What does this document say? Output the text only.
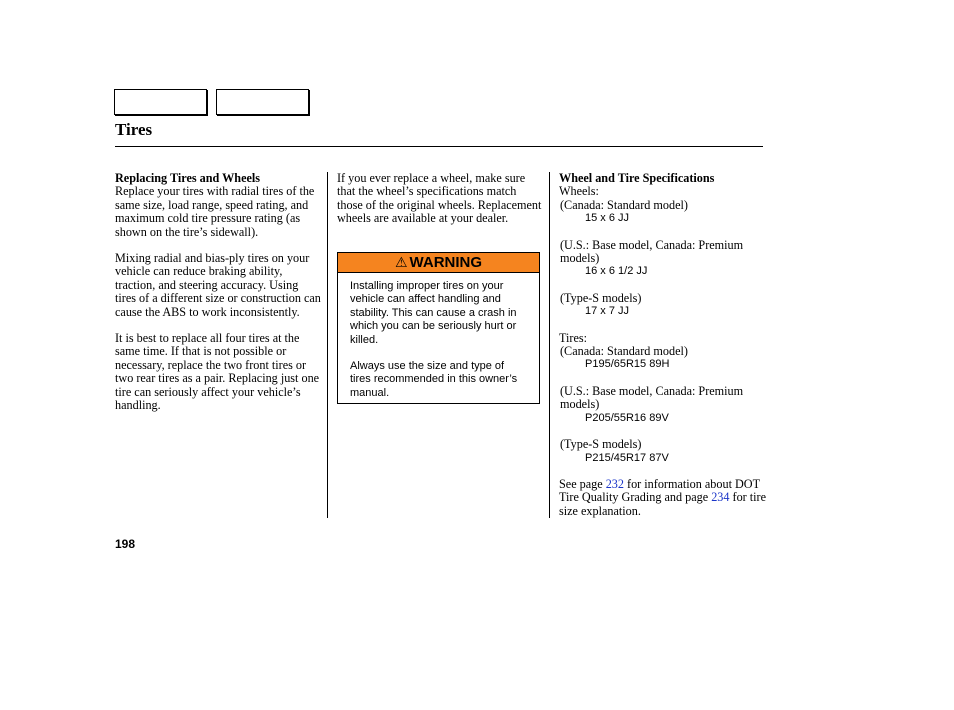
Tires
Replacing Tires and Wheels

Replace your tires with radial tires of the same size, load range, speed rating, and maximum cold tire pressure rating (as shown on the tire’s sidewall).

Mixing radial and bias-ply tires on your vehicle can reduce braking ability, traction, and steering accuracy. Using tires of a different size or construction can cause the ABS to work inconsistently.

It is best to replace all four tires at the same time. If that is not possible or necessary, replace the two front tires or two rear tires as a pair. Replacing just one tire can seriously affect your vehicle’s handling.

If you ever replace a wheel, make sure that the wheel’s specifications match those of the original wheels. Replacement wheels are available at your dealer.

⚠ WARNING

Installing improper tires on your vehicle can affect handling and stability. This can cause a crash in which you can be seriously hurt or killed.

Always use the size and type of tires recommended in this owner’s manual.

Wheel and Tire Specifications
Wheels:
(Canada: Standard model)
15 x 6 JJ
(U.S.: Base model, Canada: Premium models)
16 x 6 1/2 JJ
(Type-S models)
17 x 7 JJ
Tires:
(Canada: Standard model)
P195/65R15 89H
(U.S.: Base model, Canada: Premium models)
P205/55R16 89V
(Type-S models)
P215/45R17 87V
See page 232 for information about DOT Tire Quality Grading and page 234 for tire size explanation.
198
